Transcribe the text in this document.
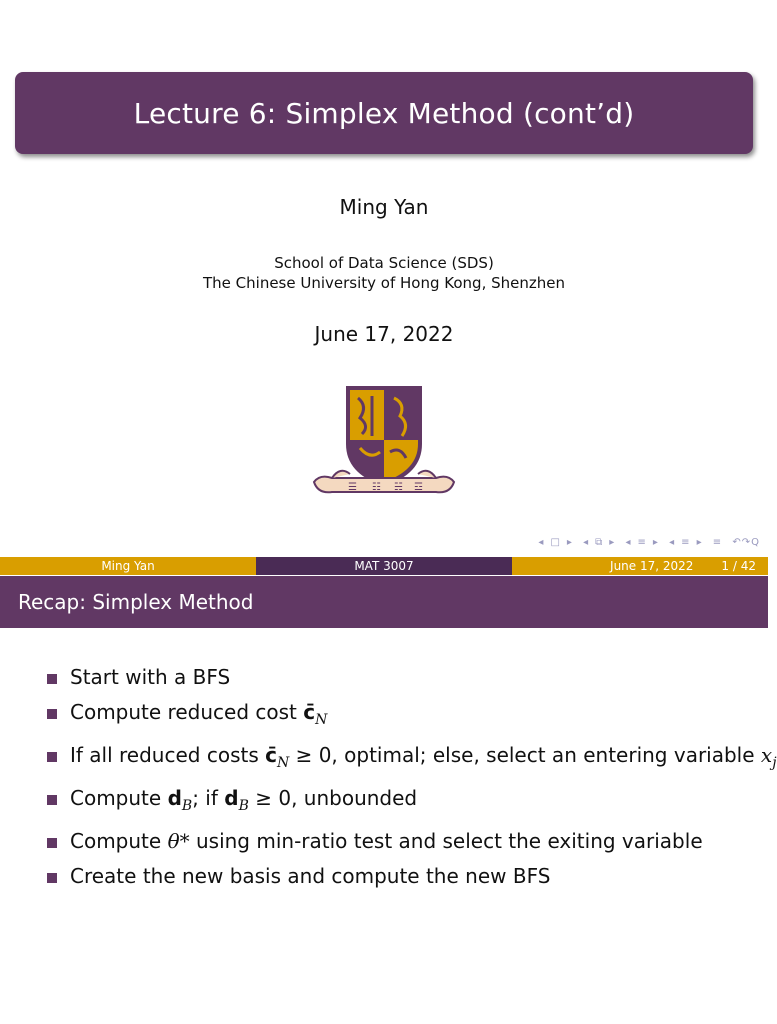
Lecture 6: Simplex Method (cont’d)
Ming Yan
School of Data Science (SDS)
The Chinese University of Hong Kong, Shenzhen
June 17, 2022
☰ ☷ ☵ ☲
◂ □ ▸ ◂ ⧉ ▸ ◂ ≡ ▸ ◂ ≡ ▸ ≡ ↶↷Q
Ming Yan	MAT 3007	June 17, 2022 1 / 42
Recap: Simplex Method
Start with a BFS
Compute reduced cost $c̄_N$
If all reduced costs $c̄_N \ge 0$, optimal; else, select an entering variable $x_j$
Compute $d_B$; if $d_B \ge 0$, unbounded
Compute θ* using min-ratio test and select the exiting variable
Create the new basis and compute the new BFS
